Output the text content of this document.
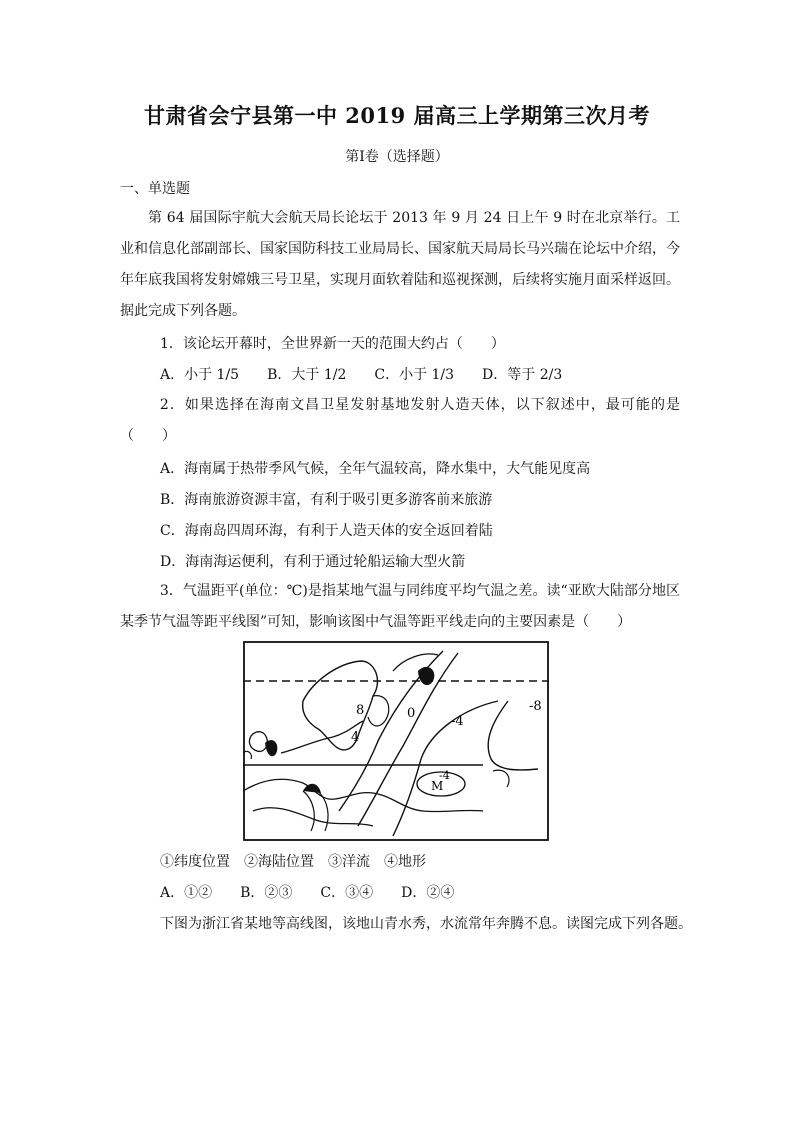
甘肃省会宁县第一中 2019 届高三上学期第三次月考
第Ⅰ卷（选择题）
一、单选题
第 64 届国际宇航大会航天局长论坛于 2013 年 9 月 24 日上午 9 时在北京举行。工业和信息化部副部长、国家国防科技工业局局长、国家航天局局长马兴瑞在论坛中介绍，今年年底我国将发射嫦娥三号卫星，实现月面软着陆和巡视探测，后续将实施月面采样返回。据此完成下列各题。
1．该论坛开幕时，全世界新一天的范围大约占（　　）
A．小于 1/5　　B．大于 1/2　　C．小于 1/3　　D．等于 2/3
2．如果选择在海南文昌卫星发射基地发射人造天体，以下叙述中，最可能的是（　　）
A．海南属于热带季风气候，全年气温较高，降水集中，大气能见度高
B．海南旅游资源丰富，有利于吸引更多游客前来旅游
C．海南岛四周环海，有利于人造天体的安全返回着陆
D．海南海运便利，有利于通过轮船运输大型火箭
3．气温距平(单位：℃)是指某地气温与同纬度平均气温之差。读“亚欧大陆部分地区某季节气温等距平线图”可知，影响该图中气温等距平线走向的主要因素是（　　）
8	0
-4
-8
4
-4
M
①纬度位置　②海陆位置　③洋流　④地形
A．①②　　B．②③　　C．③④　　D．②④
下图为浙江省某地等高线图，该地山青水秀，水流常年奔腾不息。读图完成下列各题。
